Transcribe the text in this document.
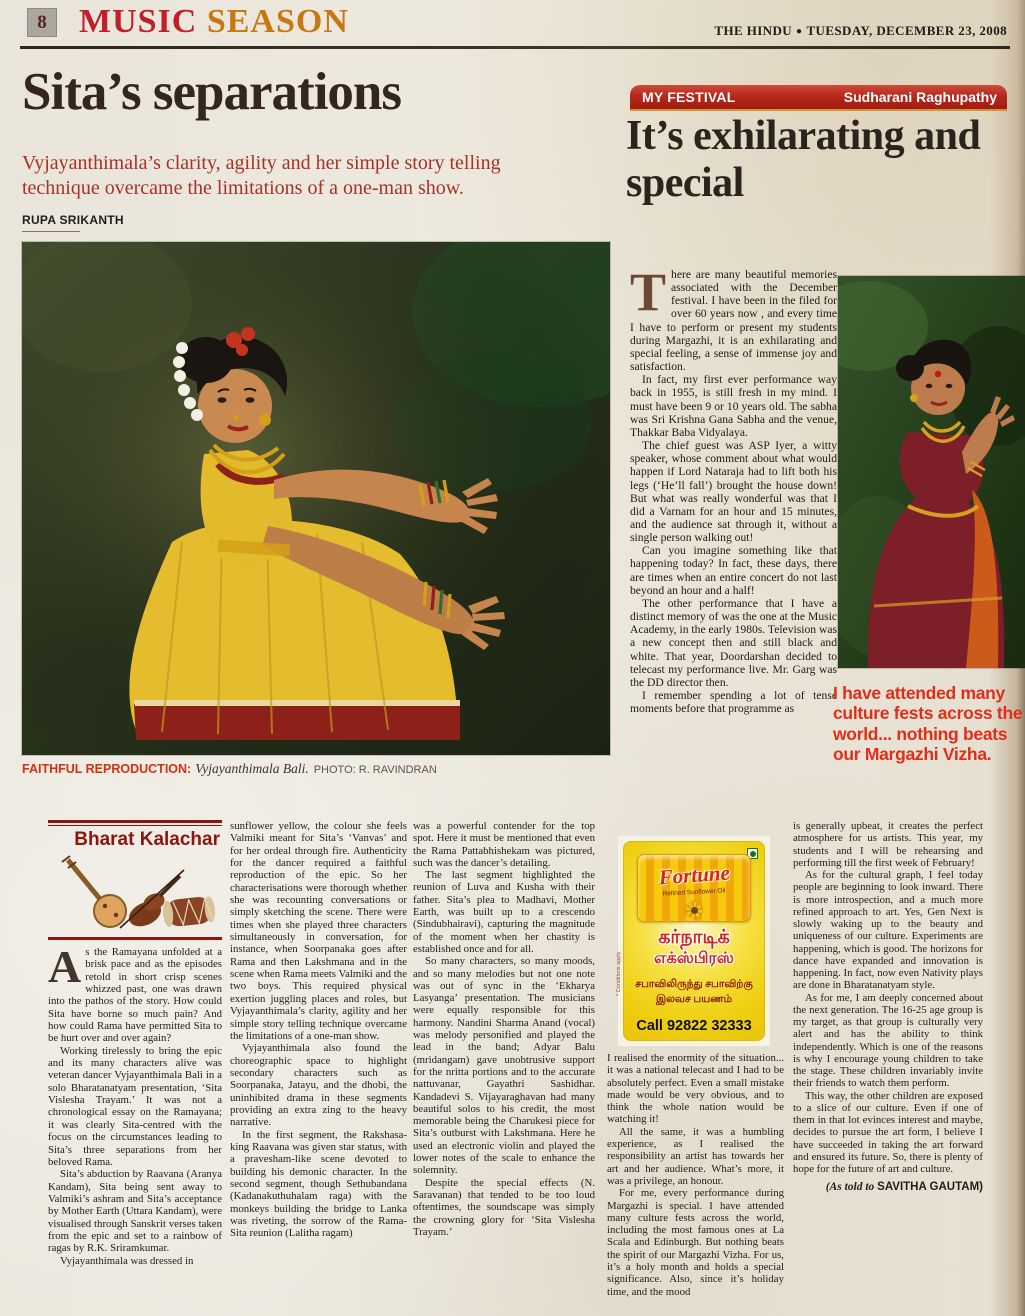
8 MUSIC SEASON	THE HINDU ● TUESDAY, DECEMBER 23, 2008
Sita’s separations
Vyjayanthimala’s clarity, agility and her simple story telling technique overcame the limitations of a one-man show.
RUPA SRIKANTH
FAITHFUL REPRODUCTION: Vyjayanthimala Bali. PHOTO: R. RAVINDRAN
MY FESTIVAL	Sudharani Raghupathy
It’s exhilarating and special

There are many beautiful memories associated with the December festival. I have been in the filed for over 60 years now , and every time I have to perform or present my students during Margazhi, it is an exhilarating and special feeling, a sense of immense joy and satisfaction.

In fact, my first ever performance way back in 1955, is still fresh in my mind. I must have been 9 or 10 years old. The sabha was Sri Krishna Gana Sabha and the venue, Thakkar Baba Vidyalaya.

The chief guest was ASP Iyer, a witty speaker, whose comment about what would happen if Lord Nataraja had to lift both his legs (‘He’ll fall’) brought the house down! But what was really wonderful was that I did a Varnam for an hour and 15 minutes, and the audience sat through it, without a single person walking out!

Can you imagine something like that happening today? In fact, these days, there are times when an entire concert do not last beyond an hour and a half!

The other performance that I have a distinct memory of was the one at the Music Academy, in the early 1980s. Television was a new concept then and still black and white. That year, Doordarshan decided to telecast my performance live. Mr. Garg was the DD director then.

I remember spending a lot of tense moments before that programme as

I have attended many culture fests across the world... nothing beats our Margazhi Vizha.
Bharat Kalachar

As the Ramayana unfolded at a brisk pace and as the episodes retold in short crisp scenes whizzed past, one was drawn into the pathos of the story. How could Sita have borne so much pain? And how could Rama have permitted Sita to be hurt over and over again?

Working tirelessly to bring the epic and its many characters alive was veteran dancer Vyjayanthimala Bali in a solo Bharatanatyam presentation, ‘Sita Vislesha Trayam.’ It was not a chronological essay on the Ramayana; it was clearly Sita-centred with the focus on the circumstances leading to Sita’s three separations from her beloved Rama.

Sita’s abduction by Raavana (Aranya Kandam), Sita being sent away to Valmiki’s ashram and Sita’s acceptance by Mother Earth (Uttara Kandam), were visualised through Sanskrit verses taken from the epic and set to a rainbow of ragas by R.K. Sriramkumar.

Vyjayanthimala was dressed in

sunflower yellow, the colour she feels Valmiki meant for Sita’s ‘Vanvas’ and for her ordeal through fire. Authenticity for the dancer required a faithful reproduction of the epic. So her characterisations were thorough whether she was recounting conversations or simply sketching the scene. There were times when she played three characters simultaneously in conversation, for instance, when Soorpanaka goes after Rama and then Lakshmana and in the scene when Rama meets Valmiki and the two boys. This required physical exertion juggling places and roles, but Vyjayanthimala’s clarity, agility and her simple story telling technique overcame the limitations of a one-man show.

Vyjayanthimala also found the choreographic space to highlight secondary characters such as Soorpanaka, Jatayu, and the dhobi, the uninhibited drama in these segments providing an extra zing to the heavy narrative.

In the first segment, the Rakshasa-king Raavana was given star status, with a pravesham-like scene devoted to building his demonic character. In the second segment, though Sethubandana (Kadanakuthuhalam raga) with the monkeys building the bridge to Lanka was riveting, the sorrow of the Rama-Sita reunion (Lalitha ragam)

was a powerful contender for the top spot. Here it must be mentioned that even the Rama Pattabhishekam was pictured, such was the dancer’s detailing.

The last segment highlighted the reunion of Luva and Kusha with their father. Sita’s plea to Madhavi, Mother Earth, was built up to a crescendo (Sindubhairavi), capturing the magnitude of the moment when her chastity is established once and for all.

So many characters, so many moods, and so many melodies but not one note was out of sync in the ‘Ekharya Lasyanga’ presentation. The musicians were equally responsible for this harmony. Nandini Sharma Anand (vocal) was melody personified and played the lead in the band; Adyar Balu (mridangam) gave unobtrusive support for the nritta portions and to the accurate nattuvanar, Gayathri Sashidhar. Kandadevi S. Vijayaraghavan had many beautiful solos to his credit, the most memorable being the Charukesi piece for Sita’s outburst with Lakshmana. Here he used an electronic violin and played the lower notes of the scale to enhance the solemnity.

Despite the special effects (N. Saravanan) that tended to be too loud oftentimes, the soundscape was simply the crowning glory for ‘Sita Vislesha Trayam.’

Fortune
Refined Sunflower Oil
கர்நாடிக்
எக்ஸ்பிரஸ்
சபாவிலிருந்து சபாவிற்கு
இலவச பயணம்
Call 92822 32333
* Conditions apply

I realised the enormity of the situation... it was a national telecast and I had to be absolutely perfect. Even a small mistake made would be very obvious, and to think the whole nation would be watching it!

All the same, it was a humbling experience, as I realised the responsibility an artist has towards her art and her audience. What’s more, it was a privilege, an honour.

For me, every performance during Margazhi is special. I have attended many culture fests across the world, including the most famous ones at La Scala and Edinburgh. But nothing beats the spirit of our Margazhi Vizha. For us, it’s a holy month and holds a special significance. Also, since it’s holiday time, and the mood

is generally upbeat, it creates the perfect atmosphere for us artists. This year, my students and I will be rehearsing and performing till the first week of February!

As for the cultural graph, I feel today people are beginning to look inward. There is more introspection, and a much more refined approach to art. Yes, Gen Next is slowly waking up to the beauty and uniqueness of our culture. Experiments are happening, which is good. The horizons for dance have expanded and innovation is happening. In fact, now even Nativity plays are done in Bharatanatyam style.

As for me, I am deeply concerned about the next generation. The 16-25 age group is my target, as that group is culturally very alert and has the ability to think independently. Which is one of the reasons is why I encourage young children to take the stage. These children invariably invite their friends to watch them perform.

This way, the other children are exposed to a slice of our culture. Even if one of them in that lot evinces interest and maybe, decides to pursue the art form, I believe I have succeeded in taking the art forward and ensured its future. So, there is plenty of hope for the future of art and culture.

(As told to SAVITHA GAUTAM)
